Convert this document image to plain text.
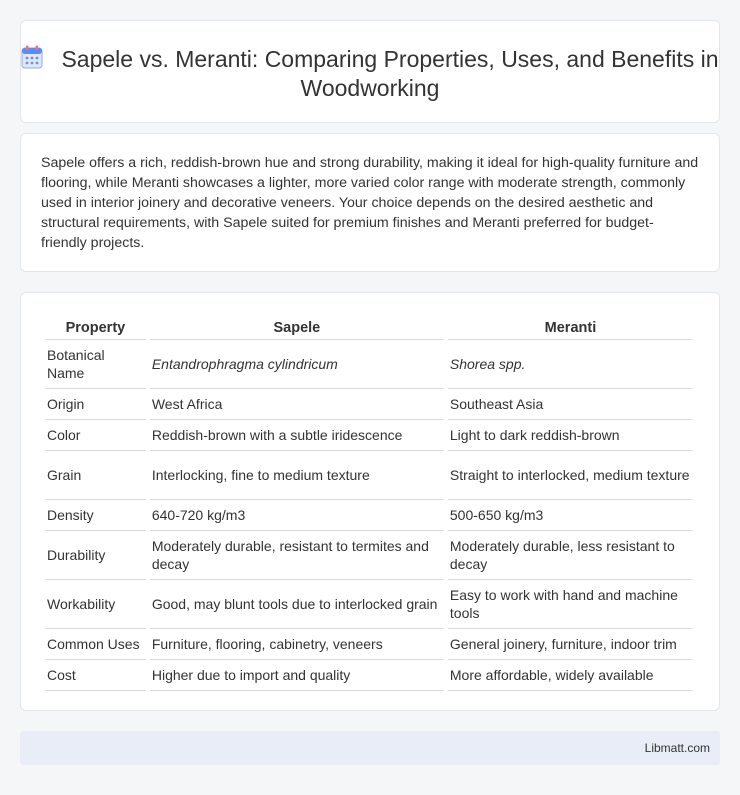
Sapele vs. Meranti: Comparing Properties, Uses, and Benefits in Woodworking

Sapele offers a rich, reddish-brown hue and strong durability, making it ideal for high-quality furniture and flooring, while Meranti showcases a lighter, more varied color range with moderate strength, commonly used in interior joinery and decorative veneers. Your choice depends on the desired aesthetic and structural requirements, with Sapele suited for premium finishes and Meranti preferred for budget-friendly projects.

Property	Sapele	Meranti
Botanical Name	Entandrophragma cylindricum	Shorea spp.
Origin	West Africa	Southeast Asia
Color	Reddish-brown with a subtle iridescence	Light to dark reddish-brown
Grain	Interlocking, fine to medium texture	Straight to interlocked, medium texture
Density	640-720 kg/m3	500-650 kg/m3
Durability	Moderately durable, resistant to termites and decay	Moderately durable, less resistant to decay
Workability	Good, may blunt tools due to interlocked grain	Easy to work with hand and machine tools
Common Uses	Furniture, flooring, cabinetry, veneers	General joinery, furniture, indoor trim
Cost	Higher due to import and quality	More affordable, widely available
Libmatt.com
